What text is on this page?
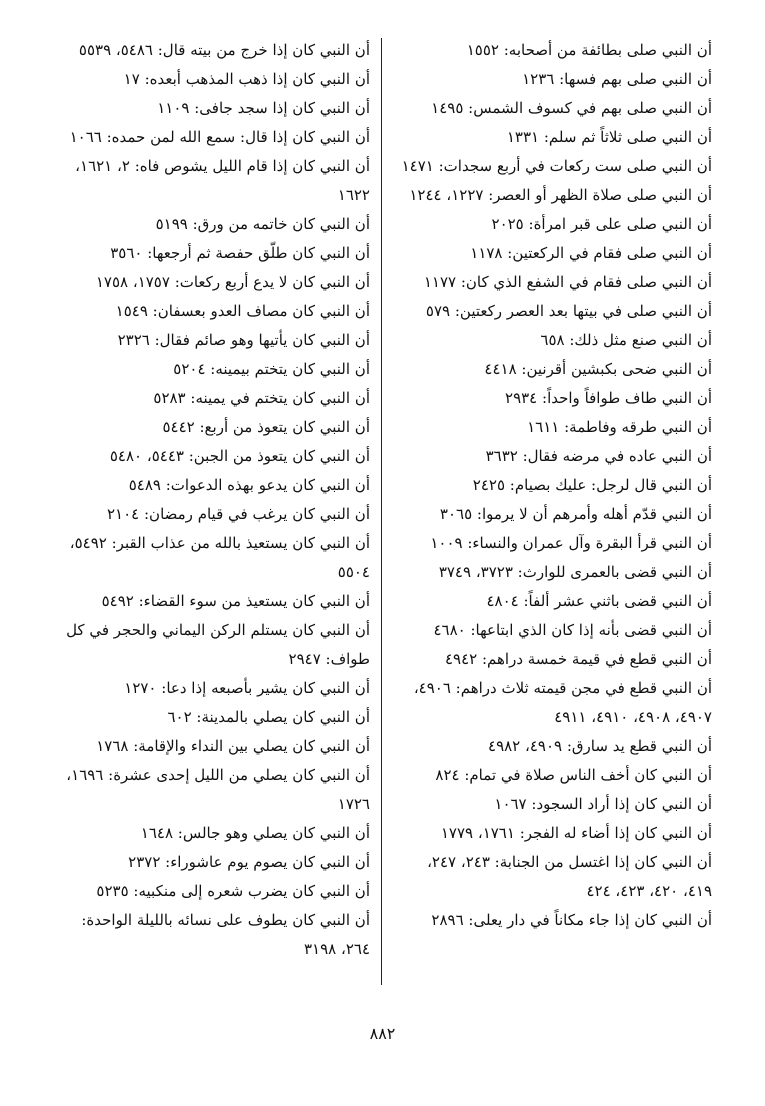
أن النبي صلى بطائفة من أصحابه: ١٥٥٢
أن النبي صلى بهم فسها: ١٢٣٦
أن النبي صلى بهم في كسوف الشمس: ١٤٩٥
أن النبي صلى ثلاثاً ثم سلم: ١٣٣١
أن النبي صلى ست ركعات في أربع سجدات: ١٤٧١
أن النبي صلى صلاة الظهر أو العصر: ١٢٢٧، ١٢٤٤
أن النبي صلى على قبر امرأة: ٢٠٢٥
أن النبي صلى فقام في الركعتين: ١١٧٨
أن النبي صلى فقام في الشفع الذي كان: ١١٧٧
أن النبي صلى في بيتها بعد العصر ركعتين: ٥٧٩
أن النبي صنع مثل ذلك: ٦٥٨
أن النبي ضحى بكبشين أقرنين: ٤٤١٨
أن النبي طاف طوافاً واحداً: ٢٩٣٤
أن النبي طرقه وفاطمة: ١٦١١
أن النبي عاده في مرضه فقال: ٣٦٣٢
أن النبي قال لرجل: عليك بصيام: ٢٤٢٥
أن النبي قدّم أهله وأمرهم أن لا يرموا: ٣٠٦٥
أن النبي قرأ البقرة وآل عمران والنساء: ١٠٠٩
أن النبي قضى بالعمرى للوارث: ٣٧٢٣، ٣٧٤٩
أن النبي قضى باثني عشر ألفاً: ٤٨٠٤
أن النبي قضى بأنه إذا كان الذي ابتاعها: ٤٦٨٠
أن النبي قطع في قيمة خمسة دراهم: ٤٩٤٢
أن النبي قطع في مجن قيمته ثلاث دراهم: ٤٩٠٦، ٤٩٠٧، ٤٩٠٨، ٤٩١٠، ٤٩١١
أن النبي قطع يد سارق: ٤٩٠٩، ٤٩٨٢
أن النبي كان أخف الناس صلاة في تمام: ٨٢٤
أن النبي كان إذا أراد السجود: ١٠٦٧
أن النبي كان إذا أضاء له الفجر: ١٧٦١، ١٧٧٩
أن النبي كان إذا اغتسل من الجنابة: ٢٤٣، ٢٤٧، ٤١٩، ٤٢٠، ٤٢٣، ٤٢٤
أن النبي كان إذا جاء مكاناً في دار يعلى: ٢٨٩٦
أن النبي كان إذا خرج من بيته قال: ٥٤٨٦، ٥٥٣٩
أن النبي كان إذا ذهب المذهب أبعده: ١٧
أن النبي كان إذا سجد جافى: ١١٠٩
أن النبي كان إذا قال: سمع الله لمن حمده: ١٠٦٦
أن النبي كان إذا قام الليل يشوص فاه: ٢، ١٦٢١، ١٦٢٢
أن النبي كان خاتمه من ورق: ٥١٩٩
أن النبي كان طلّق حفصة ثم أرجعها: ٣٥٦٠
أن النبي كان لا يدع أربع ركعات: ١٧٥٧، ١٧٥٨
أن النبي كان مصاف العدو بعسفان: ١٥٤٩
أن النبي كان يأتيها وهو صائم فقال: ٢٣٢٦
أن النبي كان يتختم بيمينه: ٥٢٠٤
أن النبي كان يتختم في يمينه: ٥٢٨٣
أن النبي كان يتعوذ من أربع: ٥٤٤٢
أن النبي كان يتعوذ من الجبن: ٥٤٤٣، ٥٤٨٠
أن النبي كان يدعو بهذه الدعوات: ٥٤٨٩
أن النبي كان يرغب في قيام رمضان: ٢١٠٤
أن النبي كان يستعيذ بالله من عذاب القبر: ٥٤٩٢، ٥٥٠٤
أن النبي كان يستعيذ من سوء القضاء: ٥٤٩٢
أن النبي كان يستلم الركن اليماني والحجر في كل طواف: ٢٩٤٧
أن النبي كان يشير بأصبعه إذا دعا: ١٢٧٠
أن النبي كان يصلي بالمدينة: ٦٠٢
أن النبي كان يصلي بين النداء والإقامة: ١٧٦٨
أن النبي كان يصلي من الليل إحدى عشرة: ١٦٩٦، ١٧٢٦
أن النبي كان يصلي وهو جالس: ١٦٤٨
أن النبي كان يصوم يوم عاشوراء: ٢٣٧٢
أن النبي كان يضرب شعره إلى منكبيه: ٥٢٣٥
أن النبي كان يطوف على نسائه بالليلة الواحدة: ٢٦٤، ٣١٩٨
٨٨٢
